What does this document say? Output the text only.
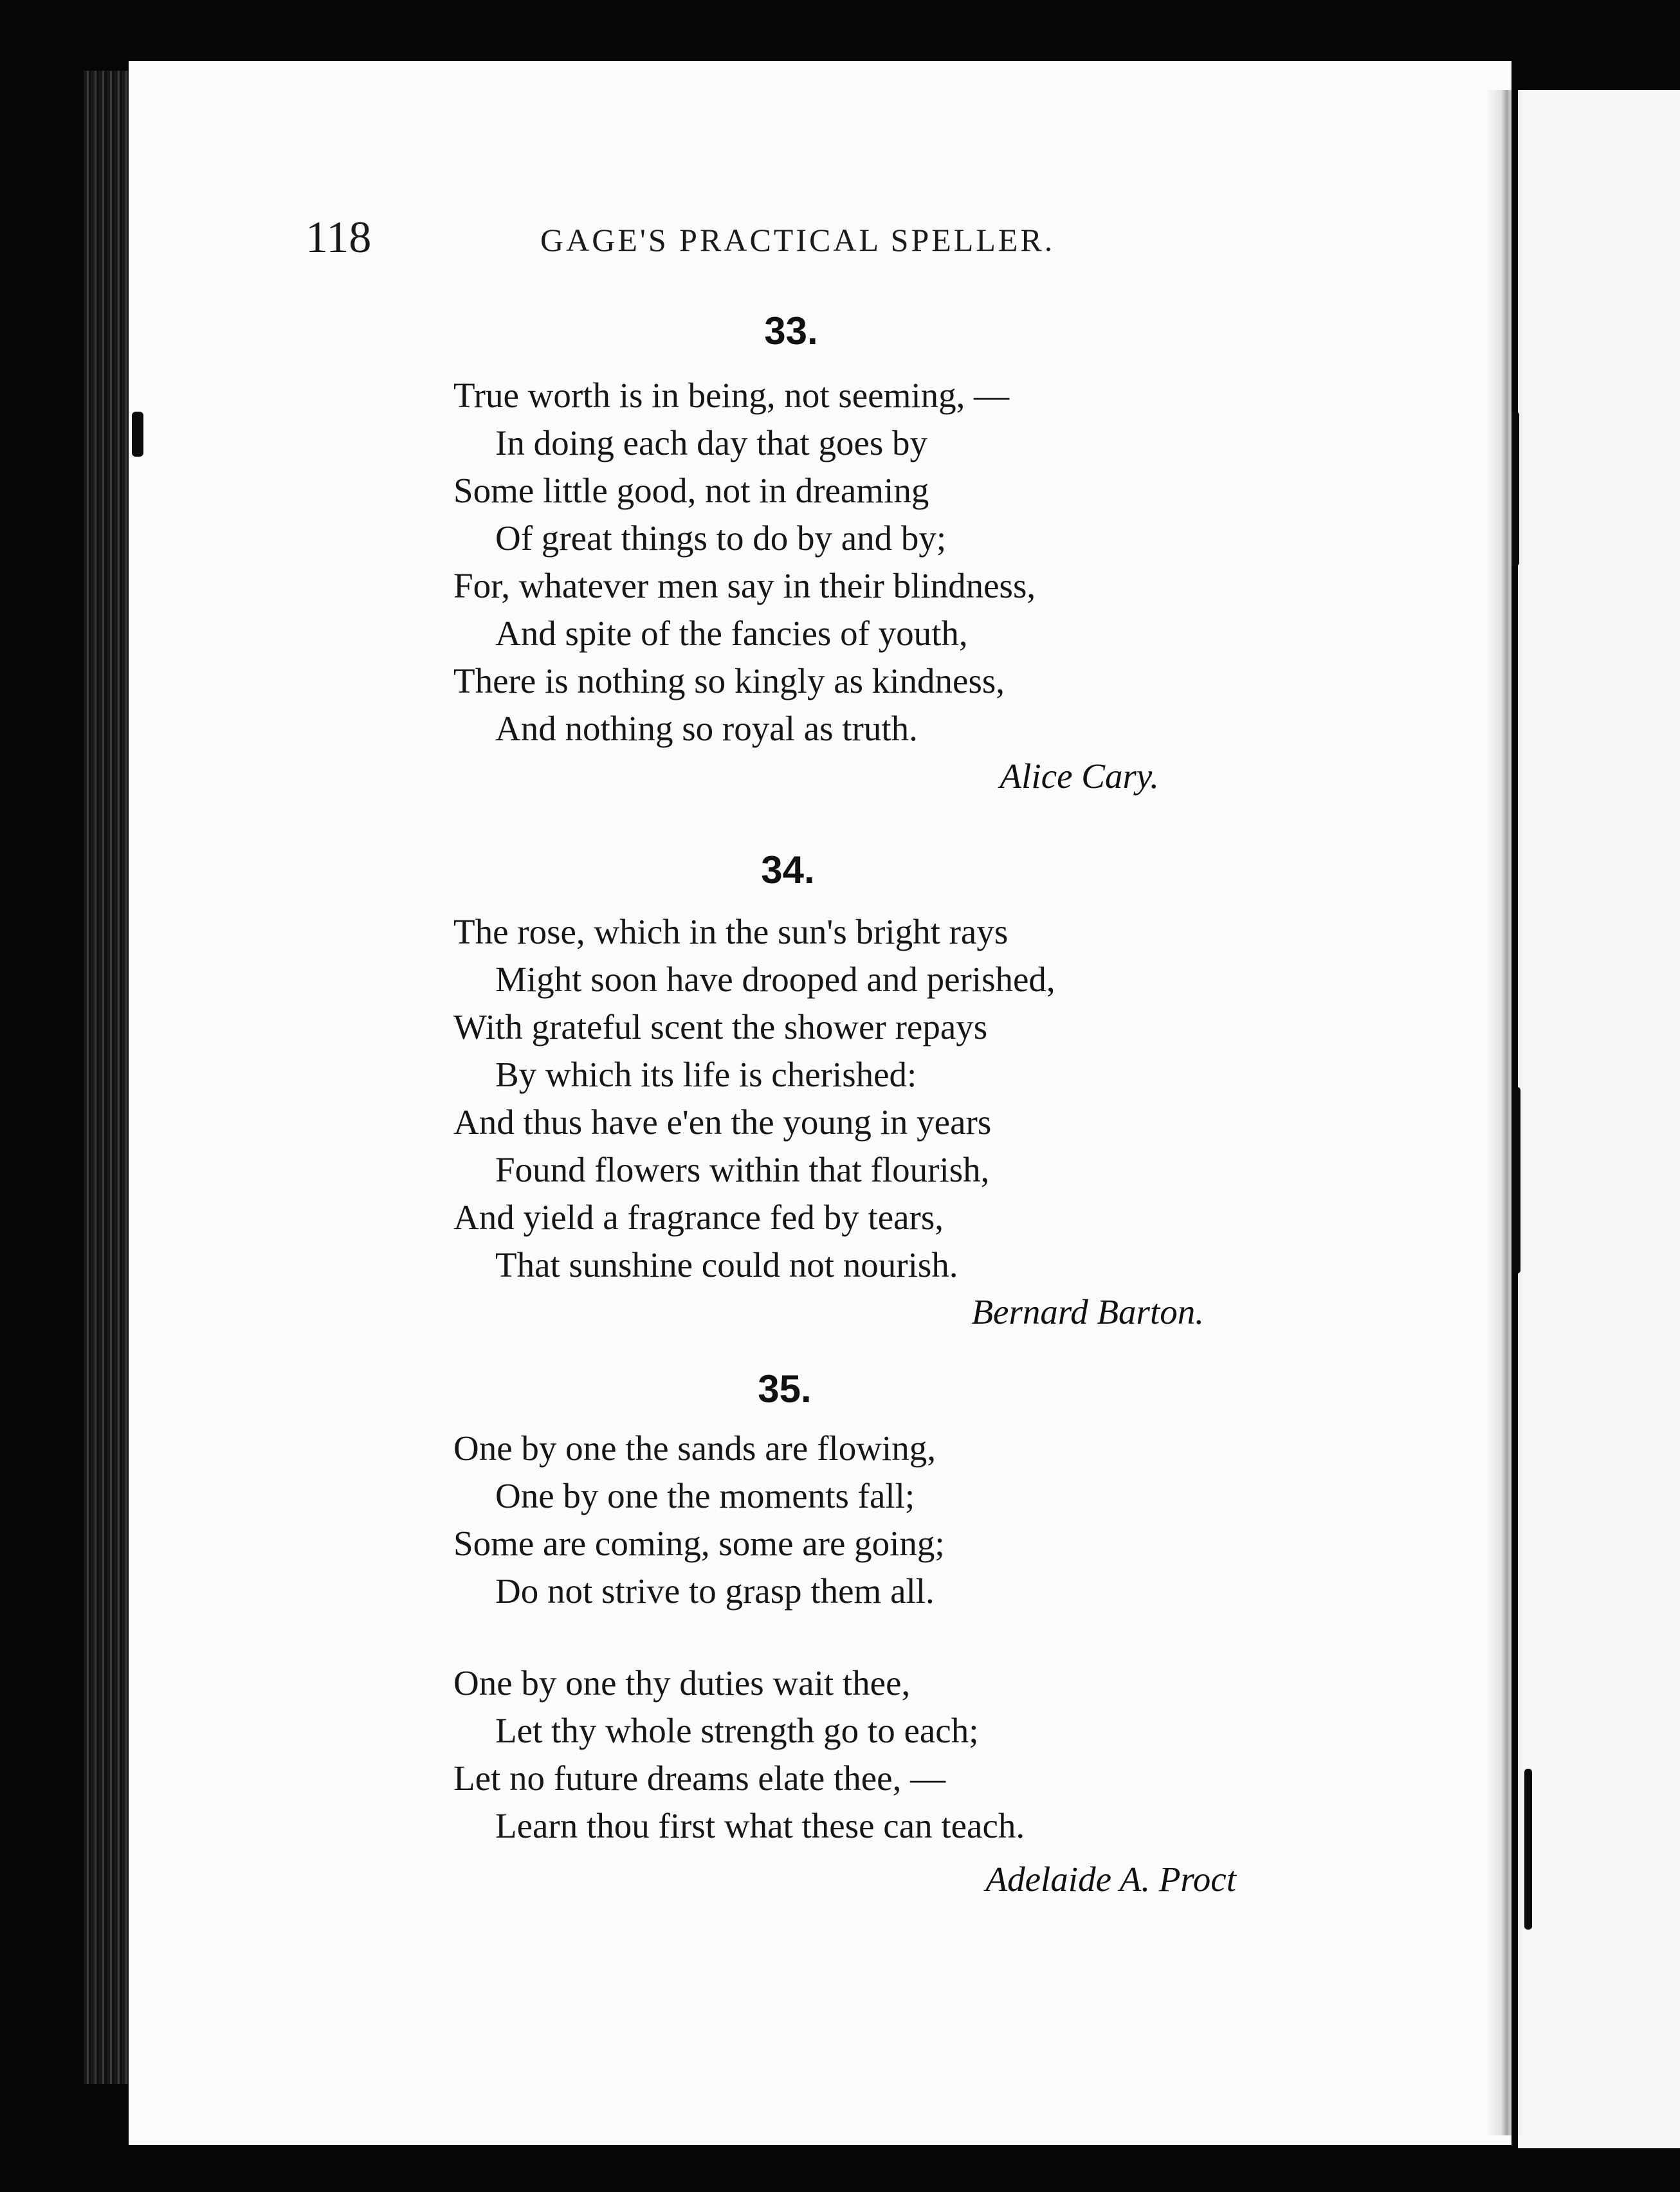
118	GAGE'S PRACTICAL SPELLER.
33.
True worth is in being, not seeming, —
In doing each day that goes by
Some little good, not in dreaming
Of great things to do by and by;
For, whatever men say in their blindness,
And spite of the fancies of youth,
There is nothing so kingly as kindness,
And nothing so royal as truth.
Alice Cary.
34.
The rose, which in the sun's bright rays
Might soon have drooped and perished,
With grateful scent the shower repays
By which its life is cherished:
And thus have e'en the young in years
Found flowers within that flourish,
And yield a fragrance fed by tears,
That sunshine could not nourish.
Bernard Barton.
35.
One by one the sands are flowing,
One by one the moments fall;
Some are coming, some are going;
Do not strive to grasp them all.
One by one thy duties wait thee,
Let thy whole strength go to each;
Let no future dreams elate thee, —
Learn thou first what these can teach.
Adelaide A. Proct
